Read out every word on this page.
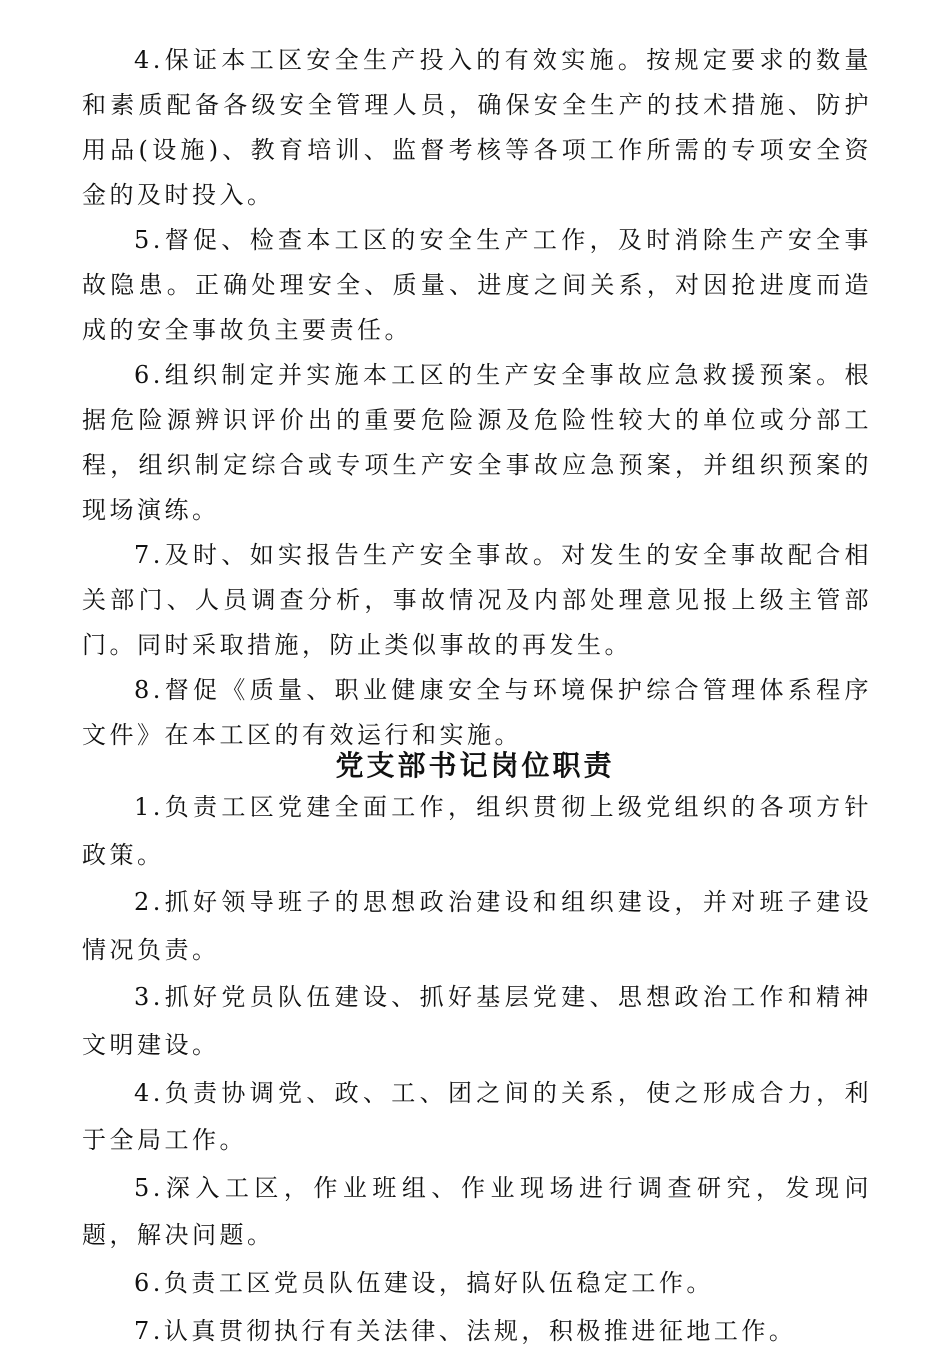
4.保证本工区安全生产投入的有效实施。按规定要求的数量和素质配备各级安全管理人员，确保安全生产的技术措施、防护用品(设施)、教育培训、监督考核等各项工作所需的专项安全资金的及时投入。

5.督促、检查本工区的安全生产工作，及时消除生产安全事故隐患。正确处理安全、质量、进度之间关系，对因抢进度而造成的安全事故负主要责任。

6.组织制定并实施本工区的生产安全事故应急救援预案。根据危险源辨识评价出的重要危险源及危险性较大的单位或分部工程，组织制定综合或专项生产安全事故应急预案，并组织预案的现场演练。

7.及时、如实报告生产安全事故。对发生的安全事故配合相关部门、人员调查分析，事故情况及内部处理意见报上级主管部门。同时采取措施，防止类似事故的再发生。

8.督促《质量、职业健康安全与环境保护综合管理体系程序文件》在本工区的有效运行和实施。

党支部书记岗位职责

1.负责工区党建全面工作，组织贯彻上级党组织的各项方针政策。

2.抓好领导班子的思想政治建设和组织建设，并对班子建设情况负责。

3.抓好党员队伍建设、抓好基层党建、思想政治工作和精神文明建设。

4.负责协调党、政、工、团之间的关系，使之形成合力，利于全局工作。

5.深入工区，作业班组、作业现场进行调查研究，发现问题，解决问题。

6.负责工区党员队伍建设，搞好队伍稳定工作。

7.认真贯彻执行有关法律、法规，积极推进征地工作。
